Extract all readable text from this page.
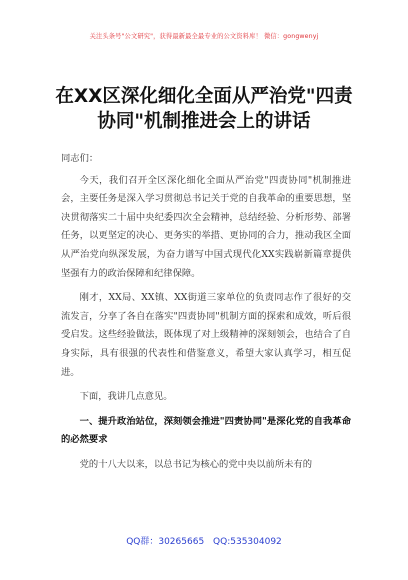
关注头条号"公文研究"，获得最新最全最专业的公文资料库！ 微信：gongwenyj
在XX区深化细化全面从严治党"四责
协同"机制推进会上的讲话

同志们：

今天，我们召开全区深化细化全面从严治党"四责协同"机制推进会，主要任务是深入学习贯彻总书记关于党的自我革命的重要思想，坚决贯彻落实二十届中央纪委四次全会精神，总结经验、分析形势、部署任务，以更坚定的决心、更务实的举措、更协同的合力，推动我区全面从严治党向纵深发展，为奋力谱写中国式现代化XX实践崭新篇章提供坚强有力的政治保障和纪律保障。

刚才，XX局、XX镇、XX街道三家单位的负责同志作了很好的交流发言，分享了各自在落实"四责协同"机制方面的探索和成效，听后很受启发。这些经验做法，既体现了对上级精神的深刻领会，也结合了自身实际，具有很强的代表性和借鉴意义，希望大家认真学习，相互促进。

下面，我讲几点意见。

一、提升政治站位，深刻领会推进"四责协同"是深化党的自我革命的必然要求

党的十八大以来，以总书记为核心的党中央以前所未有的

QQ群：30265665 QQ:535304092
